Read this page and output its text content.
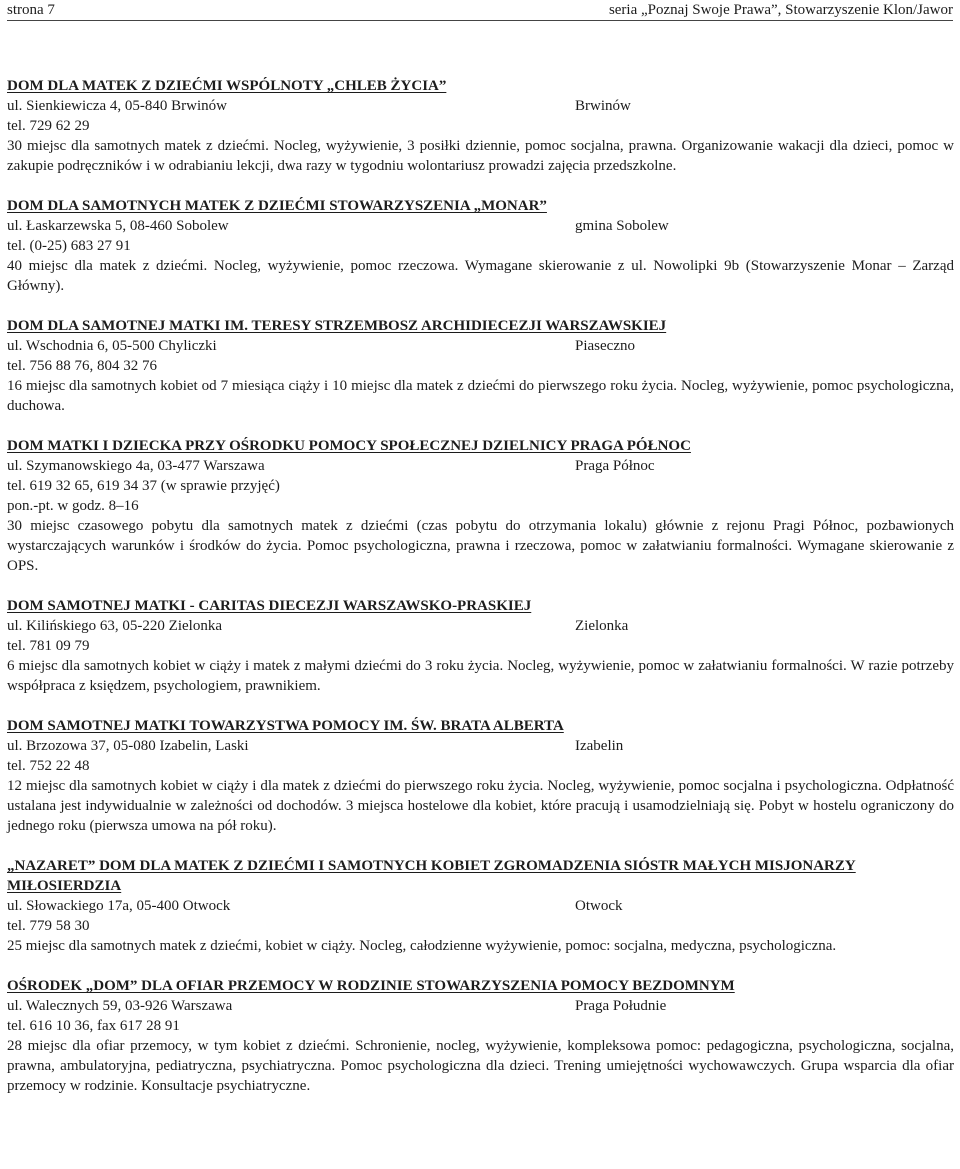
strona 7	seria „Poznaj Swoje Prawa”, Stowarzyszenie Klon/Jawor
DOM DLA MATEK Z DZIEĆMI WSPÓLNOTY „CHLEB ŻYCIA”
ul. Sienkiewicza 4, 05-840 Brwinów	Brwinów
tel. 729 62 29
30 miejsc dla samotnych matek z dziećmi. Nocleg, wyżywienie, 3 posiłki dziennie, pomoc socjalna, prawna. Organizowanie wakacji dla dzieci, pomoc w zakupie podręczników i w odrabianiu lekcji, dwa razy w tygodniu wolontariusz prowadzi zajęcia przedszkolne.
DOM DLA SAMOTNYCH MATEK Z DZIEĆMI STOWARZYSZENIA „MONAR”
ul. Łaskarzewska 5, 08-460 Sobolew	gmina Sobolew
tel. (0-25) 683 27 91
40 miejsc dla matek z dziećmi. Nocleg, wyżywienie, pomoc rzeczowa. Wymagane skierowanie z ul. Nowolipki 9b (Stowarzyszenie Monar – Zarząd Główny).
DOM DLA SAMOTNEJ MATKI IM. TERESY STRZEMBOSZ ARCHIDIECEZJI WARSZAWSKIEJ
ul. Wschodnia 6, 05-500 Chyliczki	Piaseczno
tel. 756 88 76, 804 32 76
16 miejsc dla samotnych kobiet od 7 miesiąca ciąży i 10 miejsc dla matek z dziećmi do pierwszego roku życia. Nocleg, wyżywienie, pomoc psychologiczna, duchowa.
DOM MATKI I DZIECKA PRZY OŚRODKU POMOCY SPOŁECZNEJ DZIELNICY PRAGA PÓŁNOC
ul. Szymanowskiego 4a, 03-477 Warszawa	Praga Północ
tel. 619 32 65, 619 34 37 (w sprawie przyjęć)
pon.-pt. w godz. 8–16
30 miejsc czasowego pobytu dla samotnych matek z dziećmi (czas pobytu do otrzymania lokalu) głównie z rejonu Pragi Północ, pozbawionych wystarczających warunków i środków do życia. Pomoc psychologiczna, prawna i rzeczowa, pomoc w załatwianiu formalności. Wymagane skierowanie z OPS.
DOM SAMOTNEJ MATKI - CARITAS DIECEZJI WARSZAWSKO-PRASKIEJ
ul. Kilińskiego 63, 05-220 Zielonka	Zielonka
tel. 781 09 79
6 miejsc dla samotnych kobiet w ciąży i matek z małymi dziećmi do 3 roku życia. Nocleg, wyżywienie, pomoc w załatwianiu formalności. W razie potrzeby współpraca z księdzem, psychologiem, prawnikiem.
DOM SAMOTNEJ MATKI TOWARZYSTWA POMOCY IM. ŚW. BRATA ALBERTA
ul. Brzozowa 37, 05-080 Izabelin, Laski	Izabelin
tel. 752 22 48
12 miejsc dla samotnych kobiet w ciąży i dla matek z dziećmi do pierwszego roku życia. Nocleg, wyżywienie, pomoc socjalna i psychologiczna. Odpłatność ustalana jest indywidualnie w zależności od dochodów. 3 miejsca hostelowe dla kobiet, które pracują i usamodzielniają się. Pobyt w hostelu ograniczony do jednego roku (pierwsza umowa na pół roku).
„NAZARET” DOM DLA MATEK Z DZIEĆMI I SAMOTNYCH KOBIET ZGROMADZENIA SIÓSTR MAŁYCH MISJONARZY MIŁOSIERDZIA
ul. Słowackiego 17a, 05-400 Otwock	Otwock
tel. 779 58 30
25 miejsc dla samotnych matek z dziećmi, kobiet w ciąży. Nocleg, całodzienne wyżywienie, pomoc: socjalna, medyczna, psychologiczna.
OŚRODEK „DOM” DLA OFIAR PRZEMOCY W RODZINIE STOWARZYSZENIA POMOCY BEZDOMNYM
ul. Walecznych 59, 03-926 Warszawa	Praga Południe
tel. 616 10 36, fax 617 28 91
28 miejsc dla ofiar przemocy, w tym kobiet z dziećmi. Schronienie, nocleg, wyżywienie, kompleksowa pomoc: pedagogiczna, psychologiczna, socjalna, prawna, ambulatoryjna, pediatryczna, psychiatryczna. Pomoc psychologiczna dla dzieci. Trening umiejętności wychowawczych. Grupa wsparcia dla ofiar przemocy w rodzinie. Konsultacje psychiatryczne.
